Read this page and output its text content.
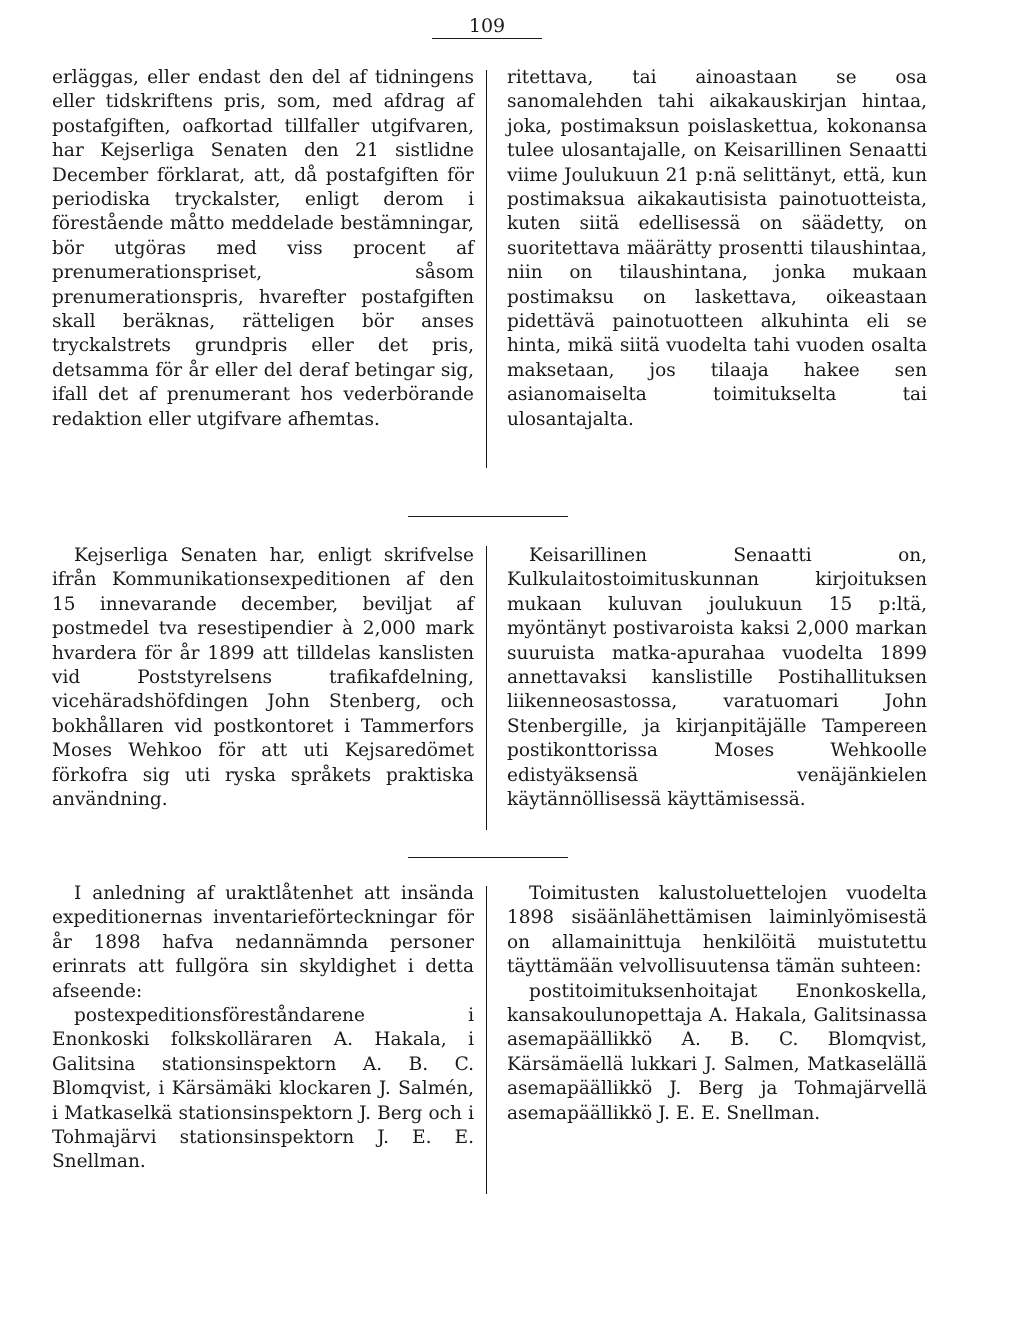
109

erläggas, eller endast den del af tidningens eller tidskriftens pris, som, med afdrag af postafgiften, oafkortad tillfaller utgifvaren, har Kejserliga Senaten den 21 sistlidne December förklarat, att, då postafgiften för periodiska tryckalster, enligt derom i förestående måtto meddelade bestämningar, bör utgöras med viss procent af prenumerationspriset, såsom prenumerationspris, hvarefter postafgiften skall beräknas, rätteligen bör anses tryckalstrets grundpris eller det pris, detsamma för år eller del deraf betingar sig, ifall det af prenumerant hos vederbörande redaktion eller utgifvare afhemtas.

ritettava, tai ainoastaan se osa sanomalehden tahi aikakauskirjan hintaa, joka, postimaksun poislaskettua, kokonansa tulee ulosantajalle, on Keisarillinen Senaatti viime Joulukuun 21 p:nä selittänyt, että, kun postimaksua aikakautisista painotuotteista, kuten siitä edellisessä on säädetty, on suoritettava määrätty prosentti tilaushintaa, niin on tilaushintana, jonka mukaan postimaksu on laskettava, oikeastaan pidettävä painotuotteen alkuhinta eli se hinta, mikä siitä vuodelta tahi vuoden osalta maksetaan, jos tilaaja hakee sen asianomaiselta toimitukselta tai ulosantajalta.

Kejserliga Senaten har, enligt skrifvelse ifrån Kommunikationsexpeditionen af den 15 innevarande december, beviljat af postmedel tva resestipendier à 2,000 mark hvardera för år 1899 att tilldelas kanslisten vid Poststyrelsens trafikafdelning, vicehäradshöfdingen John Stenberg, och bokhållaren vid postkontoret i Tammerfors Moses Wehkoo för att uti Kejsaredömet förkofra sig uti ryska språkets praktiska användning.

Keisarillinen Senaatti on, Kulkulaitostoimituskunnan kirjoituksen mukaan kuluvan joulukuun 15 p:ltä, myöntänyt postivaroista kaksi 2,000 markan suuruista matka-apurahaa vuodelta 1899 annettavaksi kanslistille Postihallituksen liikenneosastossa, varatuomari John Stenbergille, ja kirjanpitäjälle Tampereen postikonttorissa Moses Wehkoolle edistyäksensä venäjänkielen käytännöllisessä käyttämisessä.

I anledning af uraktlåtenhet att insända expeditionernas inventarieförteckningar för år 1898 hafva nedannämnda personer erinrats att fullgöra sin skyldighet i detta afseende:

postexpeditionsföreståndarene i Enonkoski folkskolläraren A. Hakala, i Galitsina stationsinspektorn A. B. C. Blomqvist, i Kärsämäki klockaren J. Salmén, i Matkaselkä stationsinspektorn J. Berg och i Tohmajärvi stationsinspektorn J. E. E. Snellman.

Toimitusten kalustoluettelojen vuodelta 1898 sisäänlähettämisen laiminlyömisestä on allamainittuja henkilöitä muistutettu täyttämään velvollisuutensa tämän suhteen:

postitoimituksenhoitajat Enonkoskella, kansakoulunopettaja A. Hakala, Galitsinassa asemapäällikkö A. B. C. Blomqvist, Kärsämäellä lukkari J. Salmen, Matkaselällä asemapäällikkö J. Berg ja Tohmajärvellä asemapäällikkö J. E. E. Snellman.
